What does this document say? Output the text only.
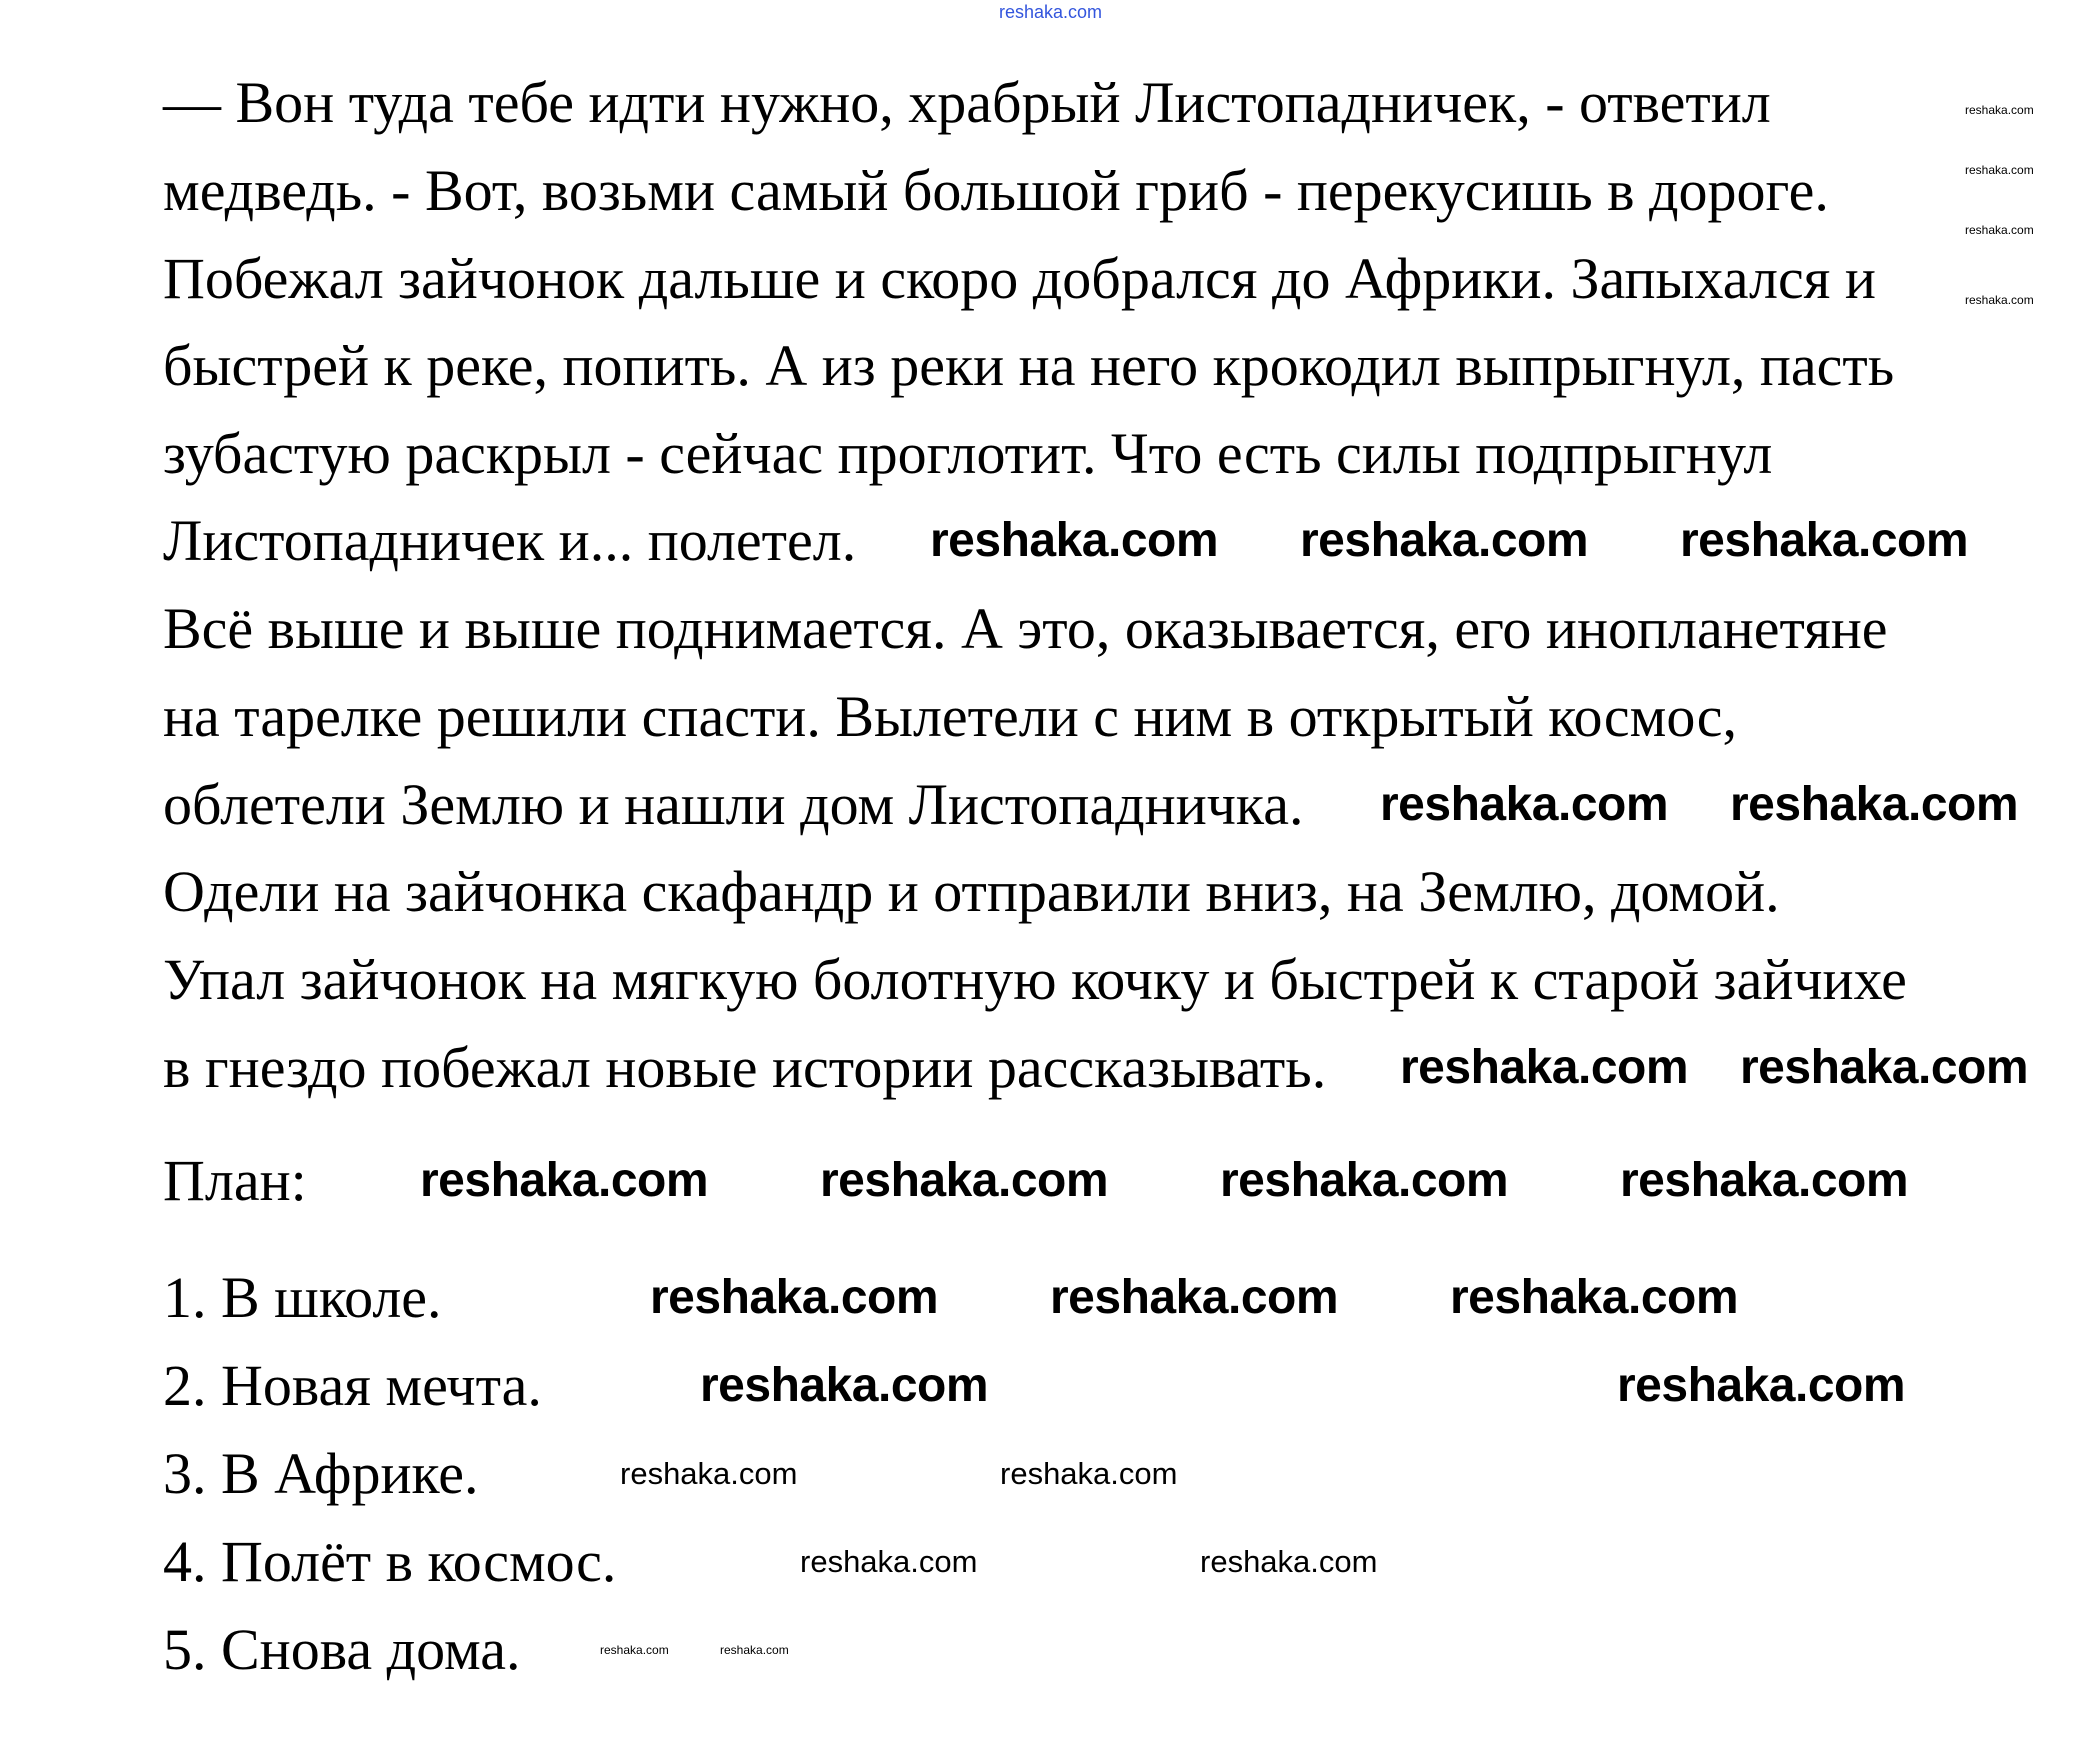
reshaka.com
— Вон туда тебе идти нужно, храбрый Листопадничек, - ответил
медведь. - Вот, возьми самый большой гриб - перекусишь в дороге.
Побежал зайчонок дальше и скоро добрался до Африки. Запыхался и
быстрей к реке, попить. А из реки на него крокодил выпрыгнул, пасть
зубастую раскрыл - сейчас проглотит. Что есть силы подпрыгнул
Листопадничек и... полетел.
Всё выше и выше поднимается. А это, оказывается, его инопланетяне
на тарелке решили спасти. Вылетели с ним в открытый космос,
облетели Землю и нашли дом Листопадничка.
Одели на зайчонка скафандр и отправили вниз, на Землю, домой.
Упал зайчонок на мягкую болотную кочку и быстрей к старой зайчихе
в гнездо побежал новые истории рассказывать.
План:
1. В школе.
2. Новая мечта.
3. В Африке.
4. Полёт в космос.
5. Снова дома.
reshaka.com reshaka.com reshaka.com
reshaka.com reshaka.com
reshaka.com reshaka.com
reshaka.com reshaka.com reshaka.com reshaka.com
reshaka.com reshaka.com reshaka.com
reshaka.com	reshaka.com
reshaka.com	reshaka.com
reshaka.com	reshaka.com
reshaka.com
reshaka.com
reshaka.com
reshaka.com
reshaka.com	reshaka.com
